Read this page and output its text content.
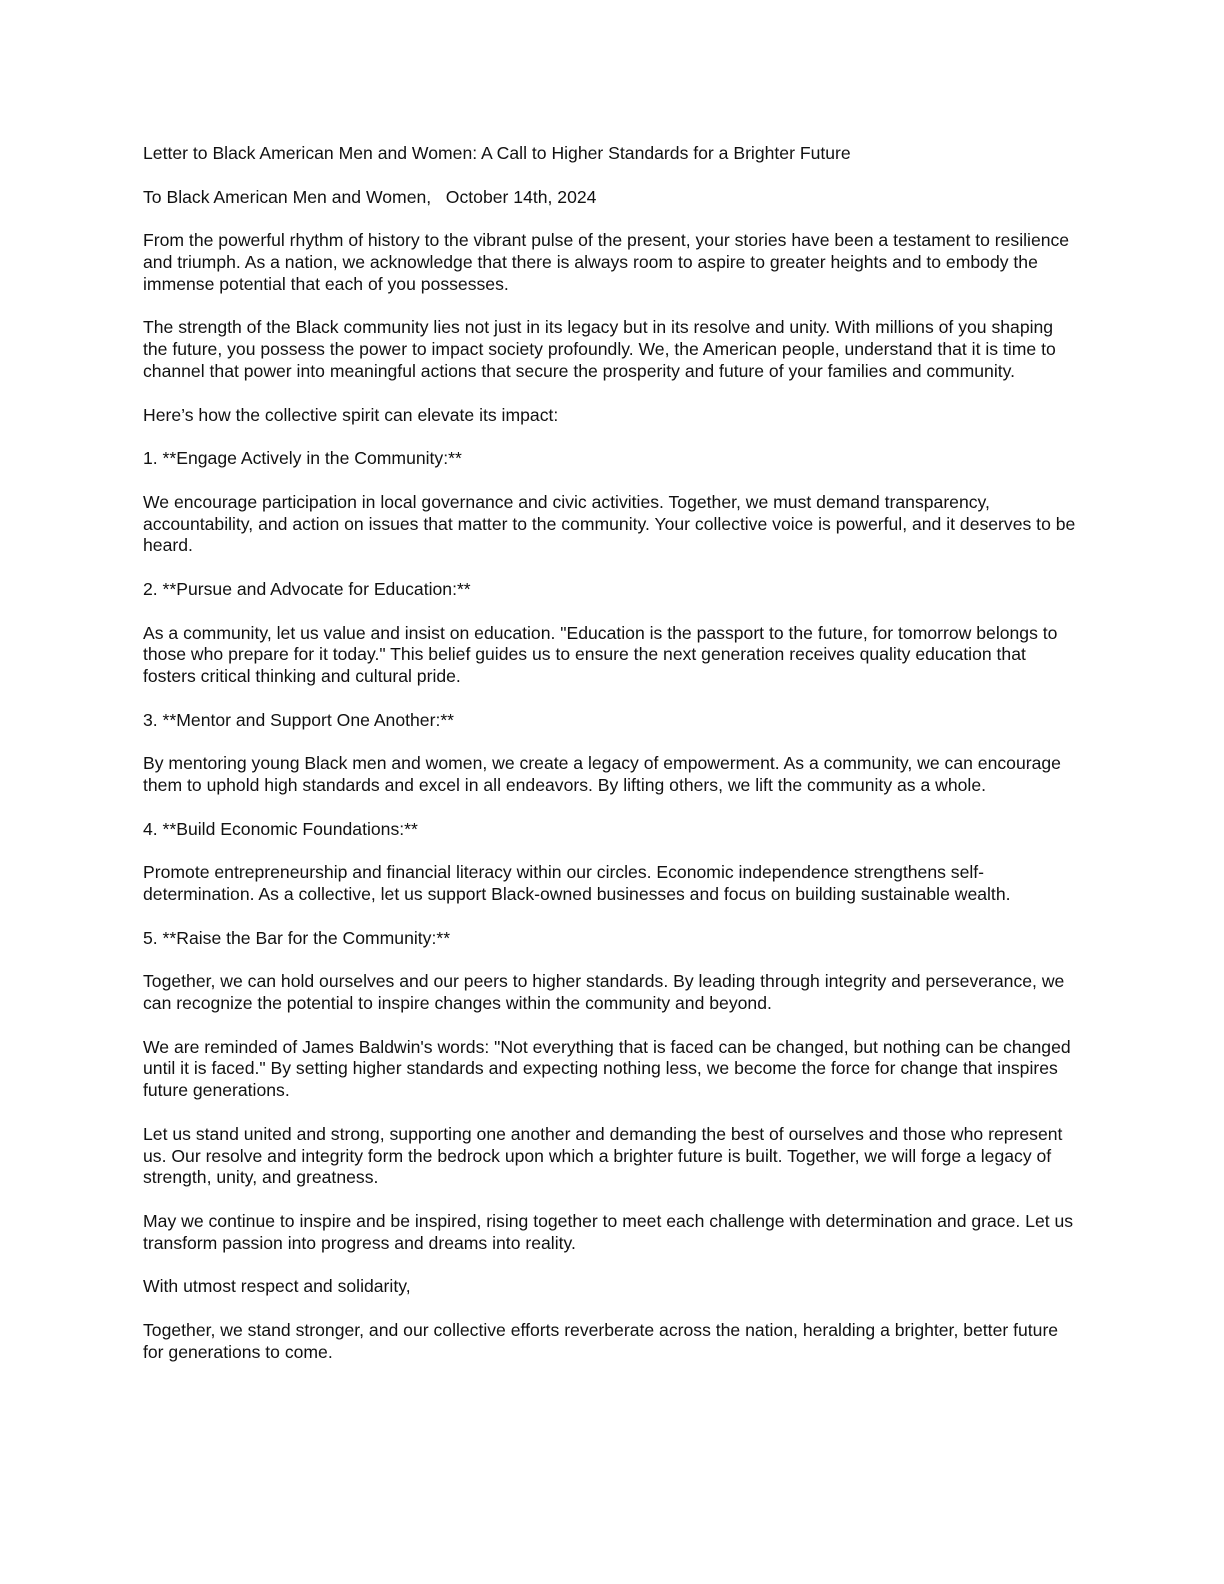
Letter to Black American Men and Women: A Call to Higher Standards for a Brighter Future

To Black American Men and Women,   October 14th, 2024

From the powerful rhythm of history to the vibrant pulse of the present, your stories have been a testament to resilience and triumph. As a nation, we acknowledge that there is always room to aspire to greater heights and to embody the immense potential that each of you possesses.

The strength of the Black community lies not just in its legacy but in its resolve and unity. With millions of you shaping the future, you possess the power to impact society profoundly. We, the American people, understand that it is time to channel that power into meaningful actions that secure the prosperity and future of your families and community.

Here’s how the collective spirit can elevate its impact:

1. **Engage Actively in the Community:**

We encourage participation in local governance and civic activities. Together, we must demand transparency, accountability, and action on issues that matter to the community. Your collective voice is powerful, and it deserves to be heard.

2. **Pursue and Advocate for Education:**

As a community, let us value and insist on education. "Education is the passport to the future, for tomorrow belongs to those who prepare for it today." This belief guides us to ensure the next generation receives quality education that fosters critical thinking and cultural pride.

3. **Mentor and Support One Another:**

By mentoring young Black men and women, we create a legacy of empowerment. As a community, we can encourage them to uphold high standards and excel in all endeavors. By lifting others, we lift the community as a whole.

4. **Build Economic Foundations:**

Promote entrepreneurship and financial literacy within our circles. Economic independence strengthens self-determination. As a collective, let us support Black-owned businesses and focus on building sustainable wealth.

5. **Raise the Bar for the Community:**

Together, we can hold ourselves and our peers to higher standards. By leading through integrity and perseverance, we can recognize the potential to inspire changes within the community and beyond.

We are reminded of James Baldwin's words: "Not everything that is faced can be changed, but nothing can be changed until it is faced." By setting higher standards and expecting nothing less, we become the force for change that inspires future generations.

Let us stand united and strong, supporting one another and demanding the best of ourselves and those who represent us. Our resolve and integrity form the bedrock upon which a brighter future is built. Together, we will forge a legacy of strength, unity, and greatness.

May we continue to inspire and be inspired, rising together to meet each challenge with determination and grace. Let us transform passion into progress and dreams into reality.

With utmost respect and solidarity,

Together, we stand stronger, and our collective efforts reverberate across the nation, heralding a brighter, better future for generations to come.
